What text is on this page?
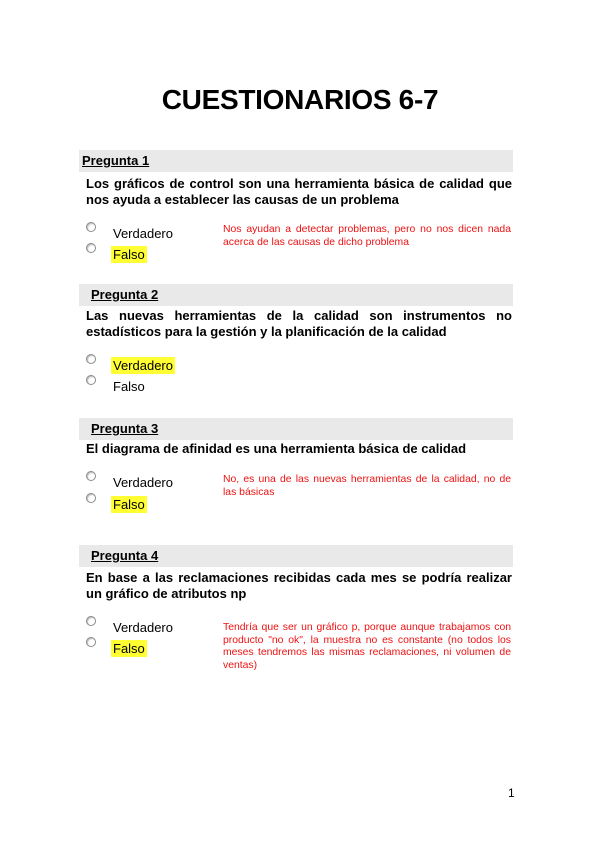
CUESTIONARIOS 6-7
Pregunta 1
Los gráficos de control son una herramienta básica de calidad que nos ayuda a establecer las causas de un problema
Verdadero
Falso
Nos ayudan a detectar problemas, pero no nos dicen nada acerca de las causas de dicho problema
Pregunta 2
Las nuevas herramientas de la calidad son instrumentos no estadísticos para la gestión y la planificación de la calidad
Verdadero
Falso
Pregunta 3
El diagrama de afinidad es una herramienta básica de calidad
Verdadero
Falso
No, es una de las nuevas herramientas de la calidad, no de las básicas
Pregunta 4
En base a las reclamaciones recibidas cada mes se podría realizar un gráfico de atributos np
Verdadero
Falso
Tendría que ser un gráfico p, porque aunque trabajamos con producto "no ok", la muestra no es constante (no todos los meses tendremos las mismas reclamaciones, ni volumen de ventas)
1
